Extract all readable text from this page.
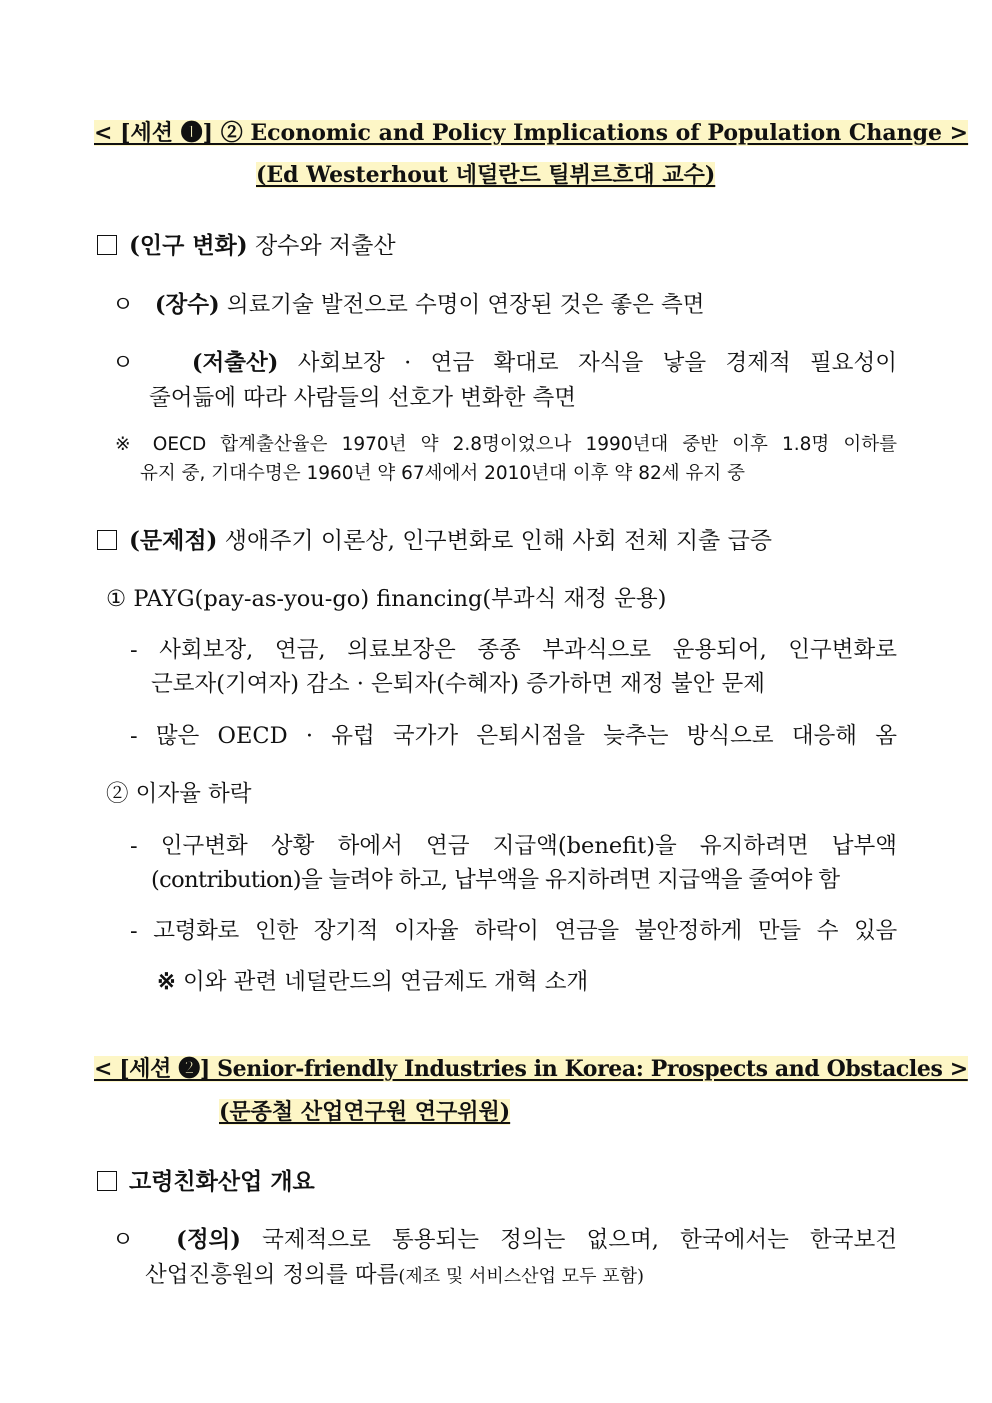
< [세션 ❶] ② Economic and Policy Implications of Population Change >
(Ed Westerhout 네덜란드 틸뷔르흐대 교수)
(인구 변화) 장수와 저출산
ㅇ (장수) 의료기술 발전으로 수명이 연장된 것은 좋은 측면
ㅇ	(저출산) 사회보장 · 연금 확대로 자식을 낳을 경제적 필요성이
줄어듦에 따라 사람들의 선호가 변화한 측면
※ OECD 합계출산율은 1970년 약 2.8명이었으나 1990년대 중반 이후 1.8명 이하를
유지 중, 기대수명은 1960년 약 67세에서 2010년대 이후 약 82세 유지 중
(문제점) 생애주기 이론상, 인구변화로 인해 사회 전체 지출 급증
① PAYG(pay-as-you-go) financing(부과식 재정 운용)
- 사회보장, 연금, 의료보장은 종종 부과식으로 운용되어, 인구변화로
근로자(기여자) 감소 · 은퇴자(수혜자) 증가하면 재정 불안 문제
- 많은 OECD · 유럽 국가가 은퇴시점을 늦추는 방식으로 대응해 옴
② 이자율 하락
- 인구변화 상황 하에서 연금 지급액(benefit)을 유지하려면 납부액
(contribution)을 늘려야 하고, 납부액을 유지하려면 지급액을 줄여야 함
- 고령화로 인한 장기적 이자율 하락이 연금을 불안정하게 만들 수 있음
※ 이와 관련 네덜란드의 연금제도 개혁 소개
< [세션 ❷] Senior-friendly Industries in Korea: Prospects and Obstacles >
(문종철 산업연구원 연구위원)
고령친화산업 개요
ㅇ (정의) 국제적으로 통용되는 정의는 없으며, 한국에서는 한국보건
산업진흥원의 정의를 따름(제조 및 서비스산업 모두 포함)
